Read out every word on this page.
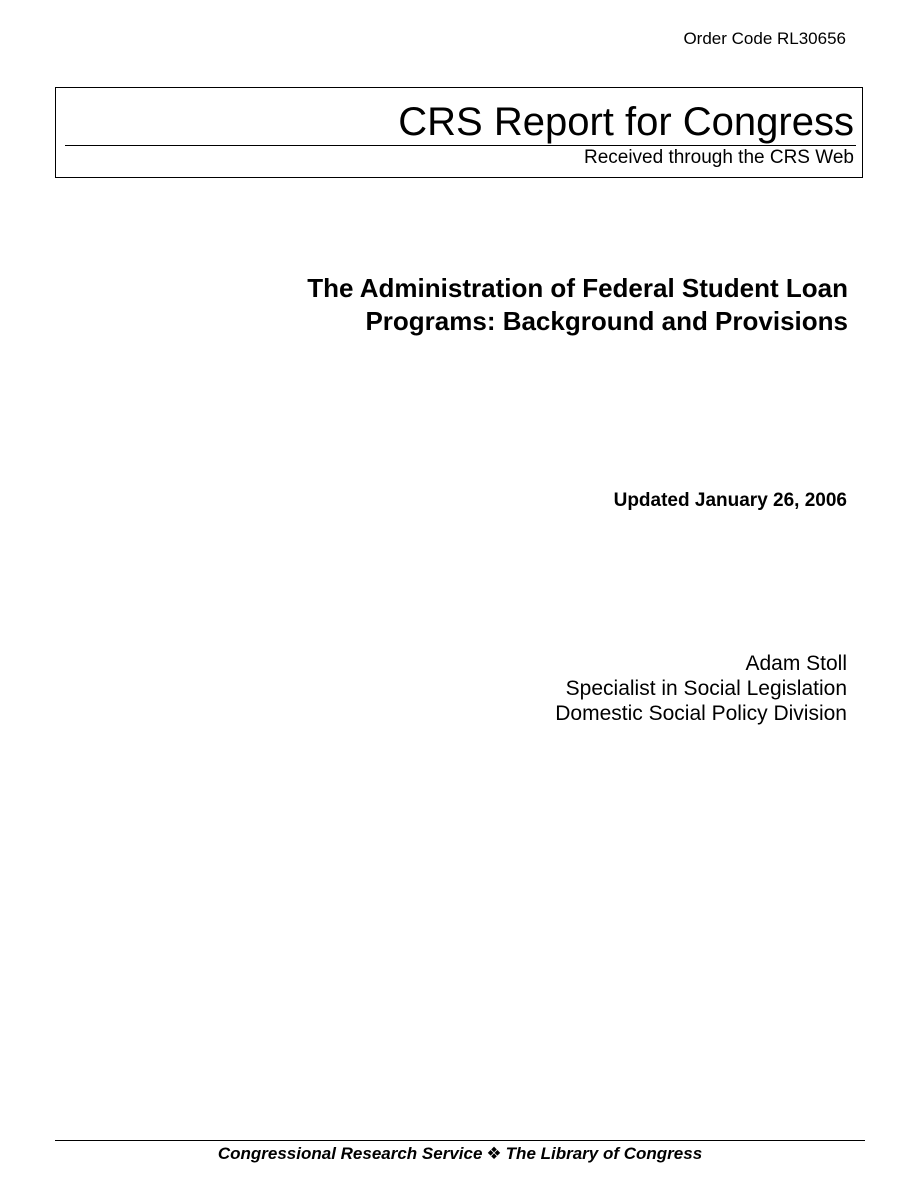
Order Code RL30656
CRS Report for Congress
Received through the CRS Web
The Administration of Federal Student Loan
Programs: Background and Provisions
Updated January 26, 2006
Adam Stoll
Specialist in Social Legislation
Domestic Social Policy Division
Congressional Research Service ❖ The Library of Congress
